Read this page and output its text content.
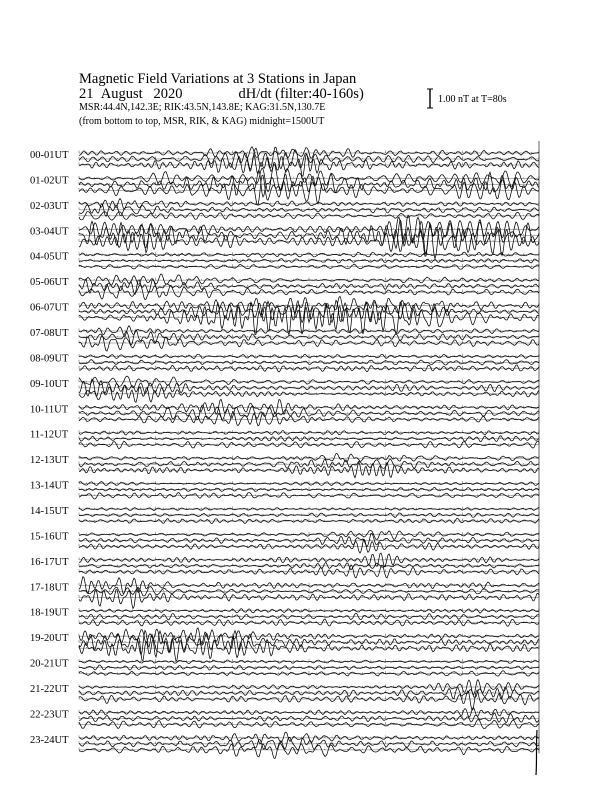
Magnetic Field Variations at 3 Stations in Japan
21 August 2020	dH/dt (filter:40-160s)
MSR:44.4N,142.3E; RIK:43.5N,143.8E; KAG:31.5N,130.7E
(from bottom to top, MSR, RIK, & KAG) midnight=1500UT
1.00 nT at T=80s
00-01UT
01-02UT
02-03UT
03-04UT
04-05UT
05-06UT
06-07UT
07-08UT
08-09UT
09-10UT
10-11UT
11-12UT
12-13UT
13-14UT
14-15UT
15-16UT
16-17UT
17-18UT
18-19UT
19-20UT
20-21UT
21-22UT
22-23UT
23-24UT
